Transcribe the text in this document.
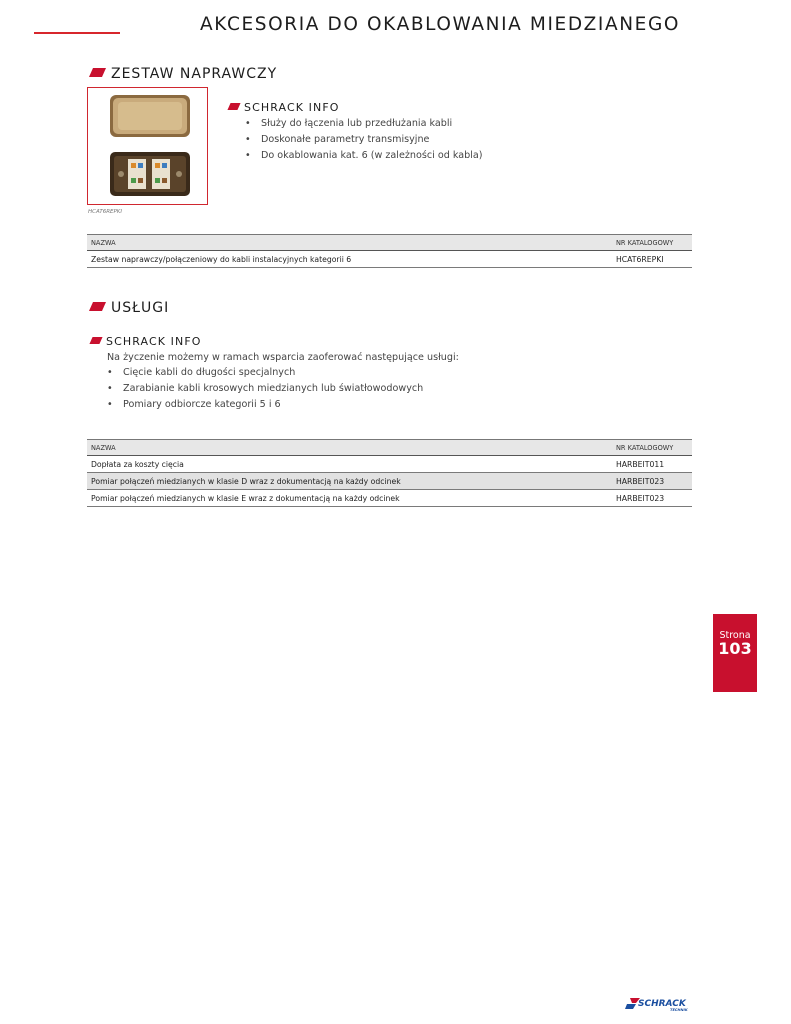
AKCESORIA DO OKABLOWANIA MIEDZIANEGO
ZESTAW NAPRAWCZY
HCAT6REPKI
SCHRACK INFO
• Służy do łączenia lub przedłużania kabli
• Doskonałe parametry transmisyjne
• Do okablowania kat. 6 (w zależności od kabla)
NAZWA	NR KATALOGOWY
Zestaw naprawczy/połączeniowy do kabli instalacyjnych kategorii 6	HCAT6REPKI
USŁUGI
SCHRACK INFO
Na życzenie możemy w ramach wsparcia zaoferować następujące usługi:
• Cięcie kabli do długości specjalnych
• Zarabianie kabli krosowych miedzianych lub światłowodowych
• Pomiary odbiorcze kategorii 5 i 6
NAZWA	NR KATALOGOWY
Dopłata za koszty cięcia	HARBEIT011
Pomiar połączeń miedzianych w klasie D wraz z dokumentacją na każdy odcinek	HARBEIT023
Pomiar połączeń miedzianych w klasie E wraz z dokumentacją na każdy odcinek	HARBEIT023
Strona
103
SCHRACK
TECHNIK
